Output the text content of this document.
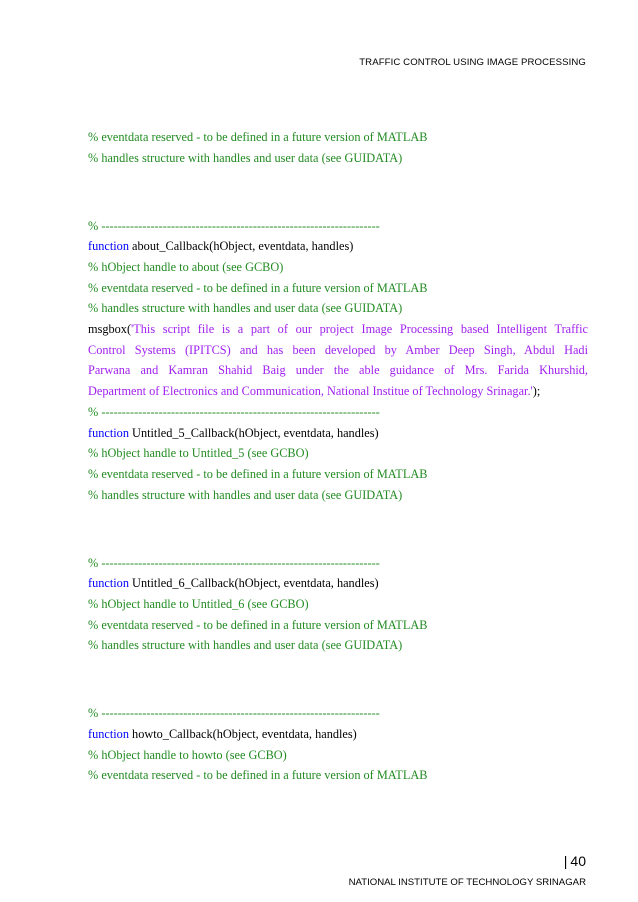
TRAFFIC CONTROL USING IMAGE PROCESSING
% eventdata reserved - to be defined in a future version of MATLAB
% handles structure with handles and user data (see GUIDATA)
% --------------------------------------------------------------------
function about_Callback(hObject, eventdata, handles)
% hObject handle to about (see GCBO)
% eventdata reserved - to be defined in a future version of MATLAB
% handles structure with handles and user data (see GUIDATA)
msgbox('This script file is a part of our project Image Processing based Intelligent Traffic
Control Systems (IPITCS) and has been developed by Amber Deep Singh, Abdul Hadi
Parwana and Kamran Shahid Baig under the able guidance of Mrs. Farida Khurshid,
Department of Electronics and Communication, National Institue of Technology Srinagar.');
% --------------------------------------------------------------------
function Untitled_5_Callback(hObject, eventdata, handles)
% hObject handle to Untitled_5 (see GCBO)
% eventdata reserved - to be defined in a future version of MATLAB
% handles structure with handles and user data (see GUIDATA)
% --------------------------------------------------------------------
function Untitled_6_Callback(hObject, eventdata, handles)
% hObject handle to Untitled_6 (see GCBO)
% eventdata reserved - to be defined in a future version of MATLAB
% handles structure with handles and user data (see GUIDATA)
% --------------------------------------------------------------------
function howto_Callback(hObject, eventdata, handles)
% hObject handle to howto (see GCBO)
% eventdata reserved - to be defined in a future version of MATLAB
| 40
NATIONAL INSTITUTE OF TECHNOLOGY SRINAGAR
